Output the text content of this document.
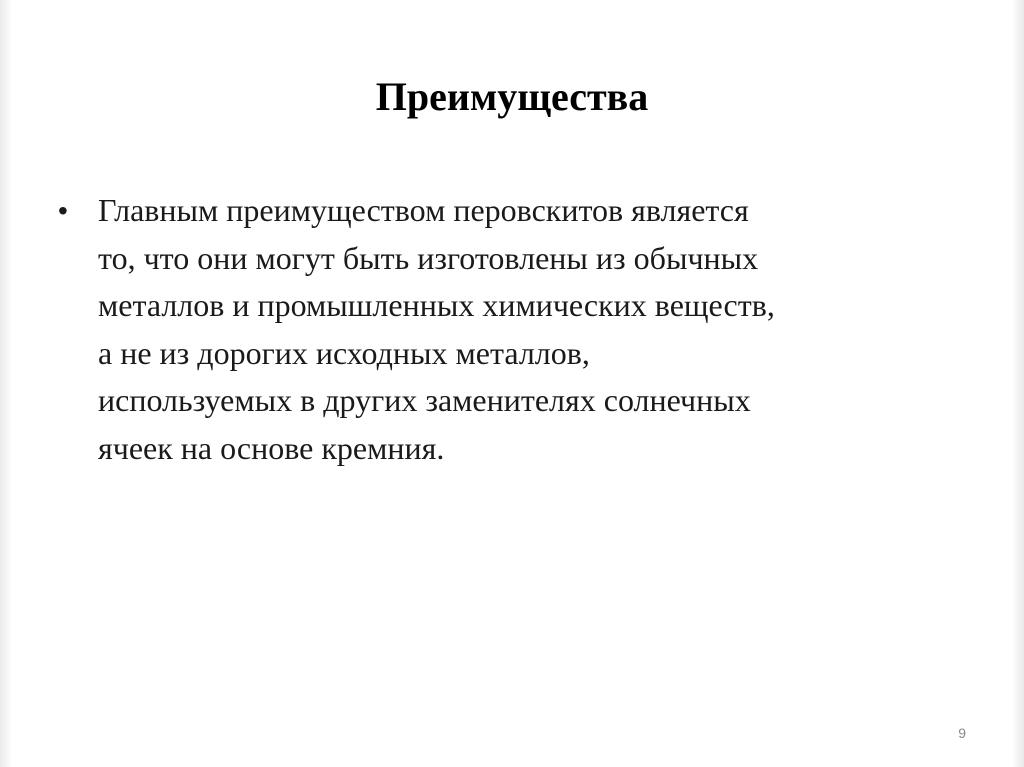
Преимущества
• Главным преимуществом перовскитов является
то, что они могут быть изготовлены из обычных
металлов и промышленных химических веществ,
а не из дорогих исходных металлов,
используемых в других заменителях солнечных
ячеек на основе кремния.
9
